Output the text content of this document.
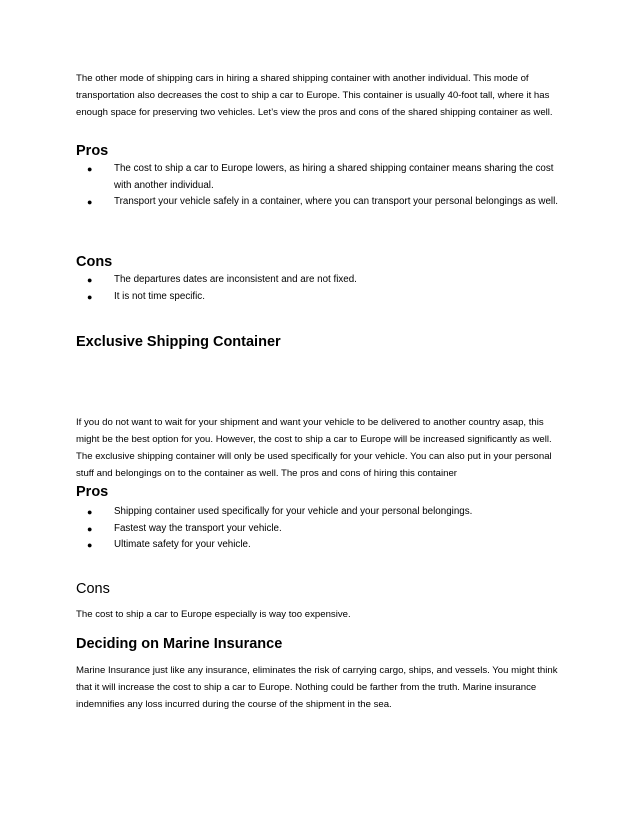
The other mode of shipping cars in hiring a shared shipping container with another individual. This mode of transportation also decreases the cost to ship a car to Europe. This container is usually 40-foot tall, where it has enough space for preserving two vehicles. Let’s view the pros and cons of the shared shipping container as well.

Pros
● The cost to ship a car to Europe lowers, as hiring a shared shipping container means sharing the cost with another individual.
● Transport your vehicle safely in a container, where you can transport your personal belongings as well.
Cons
● The departures dates are inconsistent and are not fixed.
● It is not time specific.
Exclusive Shipping Container

If you do not want to wait for your shipment and want your vehicle to be delivered to another country asap, this might be the best option for you. However, the cost to ship a car to Europe will be increased significantly as well. The exclusive shipping container will only be used specifically for your vehicle. You can also put in your personal stuff and belongings on to the container as well. The pros and cons of hiring this container

Pros
● Shipping container used specifically for your vehicle and your personal belongings.
● Fastest way the transport your vehicle.
● Ultimate safety for your vehicle.
Cons

The cost to ship a car to Europe especially is way too expensive.

Deciding on Marine Insurance

Marine Insurance just like any insurance, eliminates the risk of carrying cargo, ships, and vessels. You might think that it will increase the cost to ship a car to Europe. Nothing could be farther from the truth. Marine insurance indemnifies any loss incurred during the course of the shipment in the sea.
